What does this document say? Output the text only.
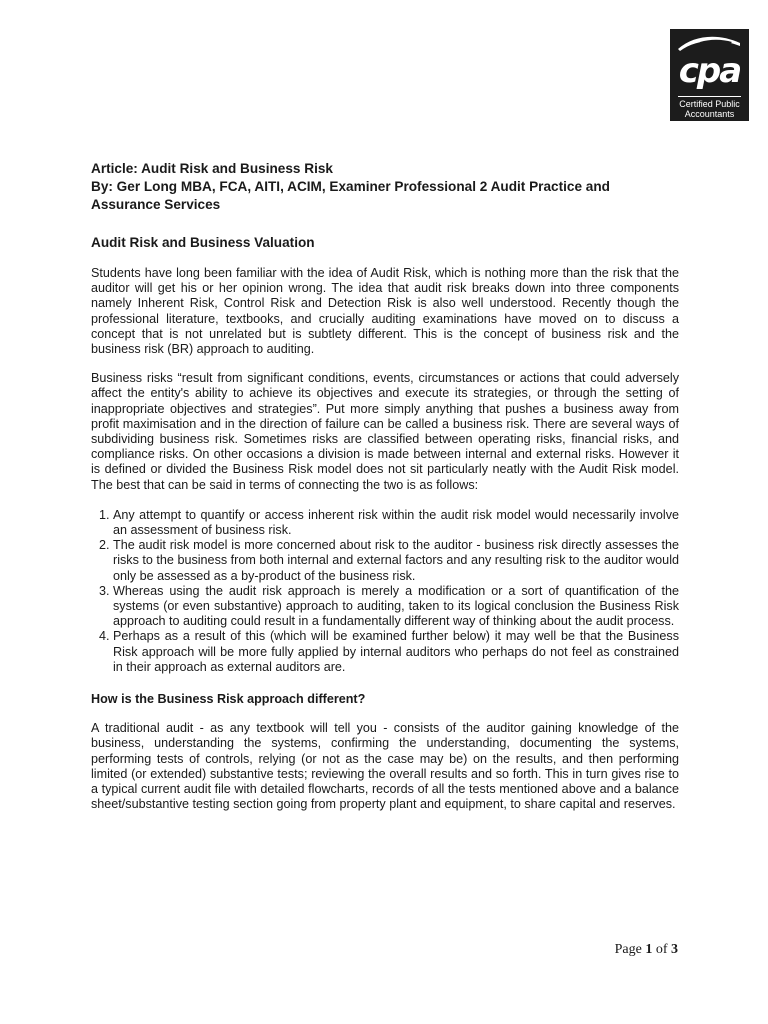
cpa
Certified Public
Accountants
Article: Audit Risk and Business Risk
By: Ger Long MBA, FCA, AITI, ACIM, Examiner Professional 2 Audit Practice and
Assurance Services
Audit Risk and Business Valuation

Students have long been familiar with the idea of Audit Risk, which is nothing more than the risk that the auditor will get his or her opinion wrong. The idea that audit risk breaks down into three components namely Inherent Risk, Control Risk and Detection Risk is also well understood. Recently though the professional literature, textbooks, and crucially auditing examinations have moved on to discuss a concept that is not unrelated but is subtlety different. This is the concept of business risk and the business risk (BR) approach to auditing.

Business risks “result from significant conditions, events, circumstances or actions that could adversely affect the entity's ability to achieve its objectives and execute its strategies, or through the setting of inappropriate objectives and strategies”. Put more simply anything that pushes a business away from profit maximisation and in the direction of failure can be called a business risk. There are several ways of subdividing business risk. Sometimes risks are classified between operating risks, financial risks, and compliance risks. On other occasions a division is made between internal and external risks. However it is defined or divided the Business Risk model does not sit particularly neatly with the Audit Risk model. The best that can be said in terms of connecting the two is as follows:

1. Any attempt to quantify or access inherent risk within the audit risk model would necessarily involve an assessment of business risk.
2. The audit risk model is more concerned about risk to the auditor - business risk directly assesses the risks to the business from both internal and external factors and any resulting risk to the auditor would only be assessed as a by-product of the business risk.
3. Whereas using the audit risk approach is merely a modification or a sort of quantification of the systems (or even substantive) approach to auditing, taken to its logical conclusion the Business Risk approach to auditing could result in a fundamentally different way of thinking about the audit process.
4. Perhaps as a result of this (which will be examined further below) it may well be that the Business Risk approach will be more fully applied by internal auditors who perhaps do not feel as constrained in their approach as external auditors are.
How is the Business Risk approach different?

A traditional audit - as any textbook will tell you - consists of the auditor gaining knowledge of the business, understanding the systems, confirming the understanding, documenting the systems, performing tests of controls, relying (or not as the case may be) on the results, and then performing limited (or extended) substantive tests; reviewing the overall results and so forth. This in turn gives rise to a typical current audit file with detailed flowcharts, records of all the tests mentioned above and a balance sheet/substantive testing section going from property plant and equipment, to share capital and reserves.

Page 1 of 3
